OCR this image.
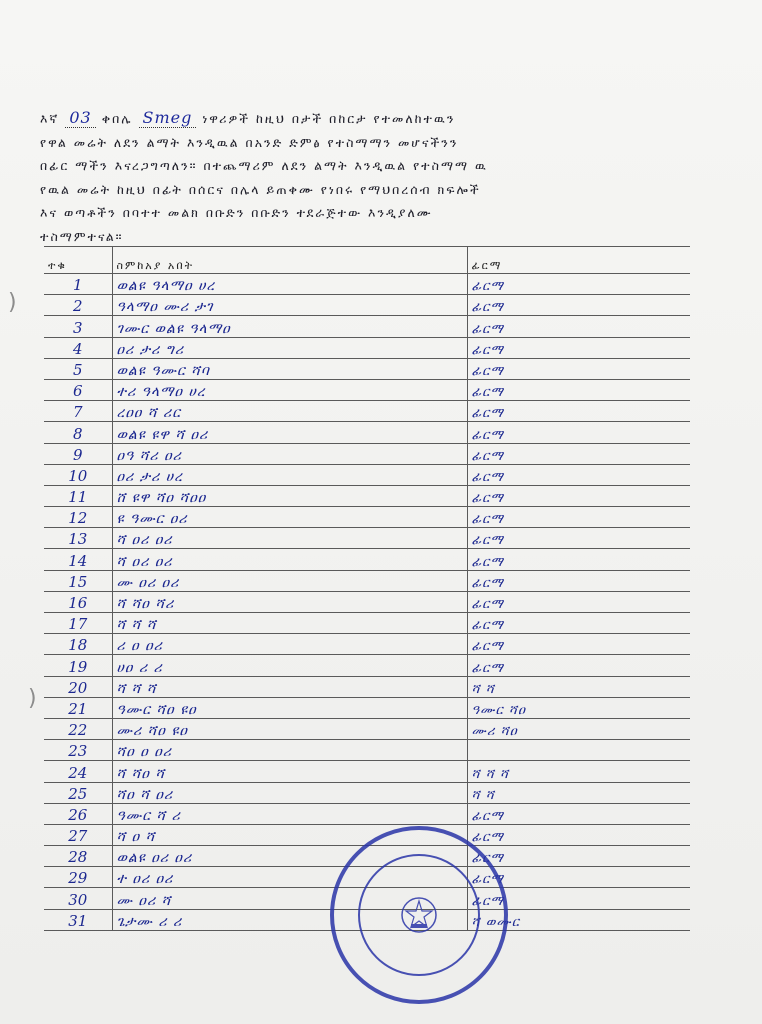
)
)
እኛ 03 ቀበሌ Smeg ነዋሪዎች ከዚህ በታች በከርታ የተመለከተዉን
የዋል መሬት ለደን ልማት እንዲዉል በአንድ ድምፅ የተስማማን መሆናችንን
በፊር ማችን እናረጋግጣለን። በተጨማሪም ለደን ልማት እንዲዉል የተስማማ ዉ
የዉል መሬት ከዚህ በፊት በሰርና በሌላ ይጠቀሙ የነበሩ የማህበረሰብ ክፍሎች
እና ወጣቶችን በባተተ መልክ በቡድን በቡድን ተደራጅተው እንዲያለሙ
ተስማምተናል።
ተቁ	ስምከአያ አበት	ፊርማ
1	ወልዩ ዓላማዐ ሀረ	ፊርማ
2	ዓላማዐ ሙሪ ታገ	ፊርማ
3	ገሙር ወልዩ ዓላማዐ	ፊርማ
4	ዐሪ ታሪ ግሪ	ፊርማ
5	ወልዩ ዓሙር ሻባ	ፊርማ
6	ተሪ ዓላማዐ ሀረ	ፊርማ
7	ረዐዐ ሻ ሪር	ፊርማ
8	ወልዩ ዩዋ ሻ ዐሪ	ፊርማ
9	ዐዓ ሻሪ ዐሪ	ፊርማ
10	ዐሪ ታሪ ሀረ	ፊርማ
11	ሸ ዩዋ ሻዐ ሻዐዐ	ፊርማ
12	ዩ ዓሙር ዐሪ	ፊርማ
13	ሻ ዐሪ ዐሪ	ፊርማ
14	ሻ ዐሪ ዐሪ	ፊርማ
15	ሙ ዐሪ ዐሪ	ፊርማ
16	ሻ ሻዐ ሻሪ	ፊርማ
17	ሻ ሻ ሻ	ፊርማ
18	ሪ ዐ ዐሪ	ፊርማ
19	ሀዐ ሪ ሪ	ፊርማ
20	ሻ ሻ ሻ	ሻ ሻ
21	ዓሙር ሻዐ ዩዐ	ዓሙር ሻዐ
22	ሙሪ ሻዐ ዩዐ	ሙሪ ሻዐ
23	ሻዐ ዐ ዐሪ	
24	ሻ ሻዐ ሻ	ሻ ሻ ሻ
25	ሻዐ ሻ ዐሪ	ሻ ሻ
26	ዓሙር ሻ ሪ	ፊርማ
27	ሻ ዐ ሻ	ፊርማ
28	ወልዩ ዐሪ ዐሪ	ፊርማ
29	ተ ዐሪ ዐሪ	ፊርማ
30	ሙ ዐሪ ሻ	ፊርማ
31	ጌታሙ ሪ ሪ	ሻ ወሙር
